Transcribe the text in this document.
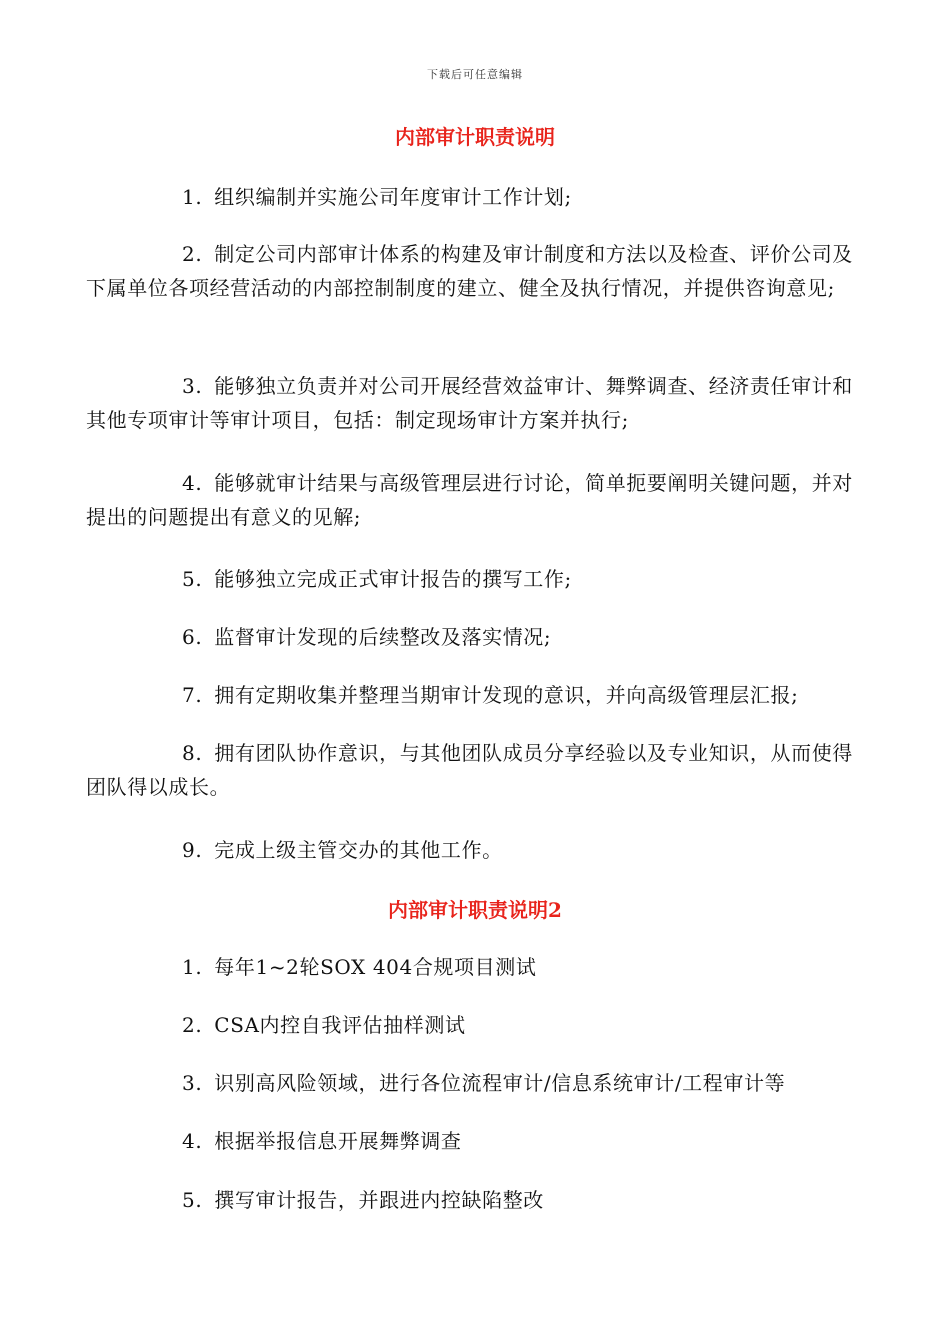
下载后可任意编辑
内部审计职责说明

1. 组织编制并实施公司年度审计工作计划;

2. 制定公司内部审计体系的构建及审计制度和方法以及检查、评价公司及下属单位各项经营活动的内部控制制度的建立、健全及执行情况，并提供咨询意见;

3. 能够独立负责并对公司开展经营效益审计、舞弊调查、经济责任审计和其他专项审计等审计项目，包括：制定现场审计方案并执行;

4. 能够就审计结果与高级管理层进行讨论，简单扼要阐明关键问题，并对提出的问题提出有意义的见解;

5. 能够独立完成正式审计报告的撰写工作;

6. 监督审计发现的后续整改及落实情况;

7. 拥有定期收集并整理当期审计发现的意识，并向高级管理层汇报;

8. 拥有团队协作意识，与其他团队成员分享经验以及专业知识，从而使得团队得以成长。

9. 完成上级主管交办的其他工作。

内部审计职责说明2

1. 每年1~2轮SOX 404合规项目测试

2. CSA内控自我评估抽样测试

3. 识别高风险领域，进行各位流程审计/信息系统审计/工程审计等

4. 根据举报信息开展舞弊调查

5. 撰写审计报告，并跟进内控缺陷整改
